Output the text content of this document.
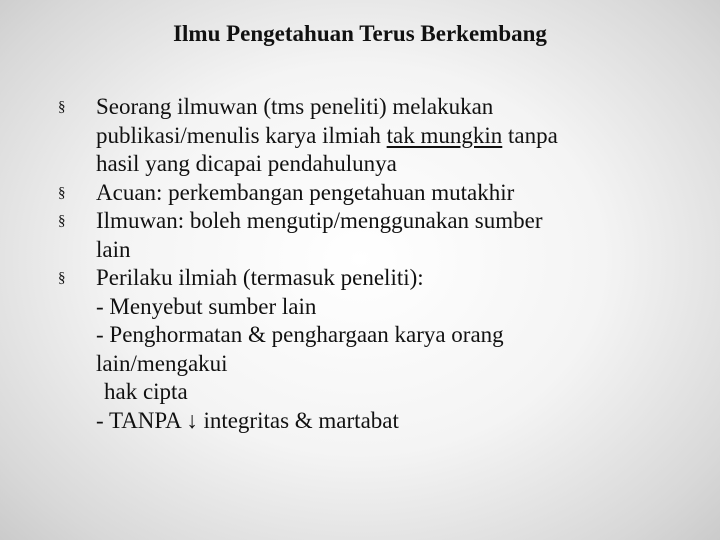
Ilmu Pengetahuan Terus Berkembang
§ Seorang ilmuwan (tms peneliti) melakukan
publikasi/menulis karya ilmiah tak mungkin tanpa
hasil yang dicapai pendahulunya
§ Acuan: perkembangan pengetahuan mutakhir
§ Ilmuwan: boleh mengutip/menggunakan sumber
lain
§ Perilaku ilmiah (termasuk peneliti):
- Menyebut sumber lain
- Penghormatan & penghargaan karya orang
lain/mengakui
hak cipta
- TANPA ↓ integritas & martabat
